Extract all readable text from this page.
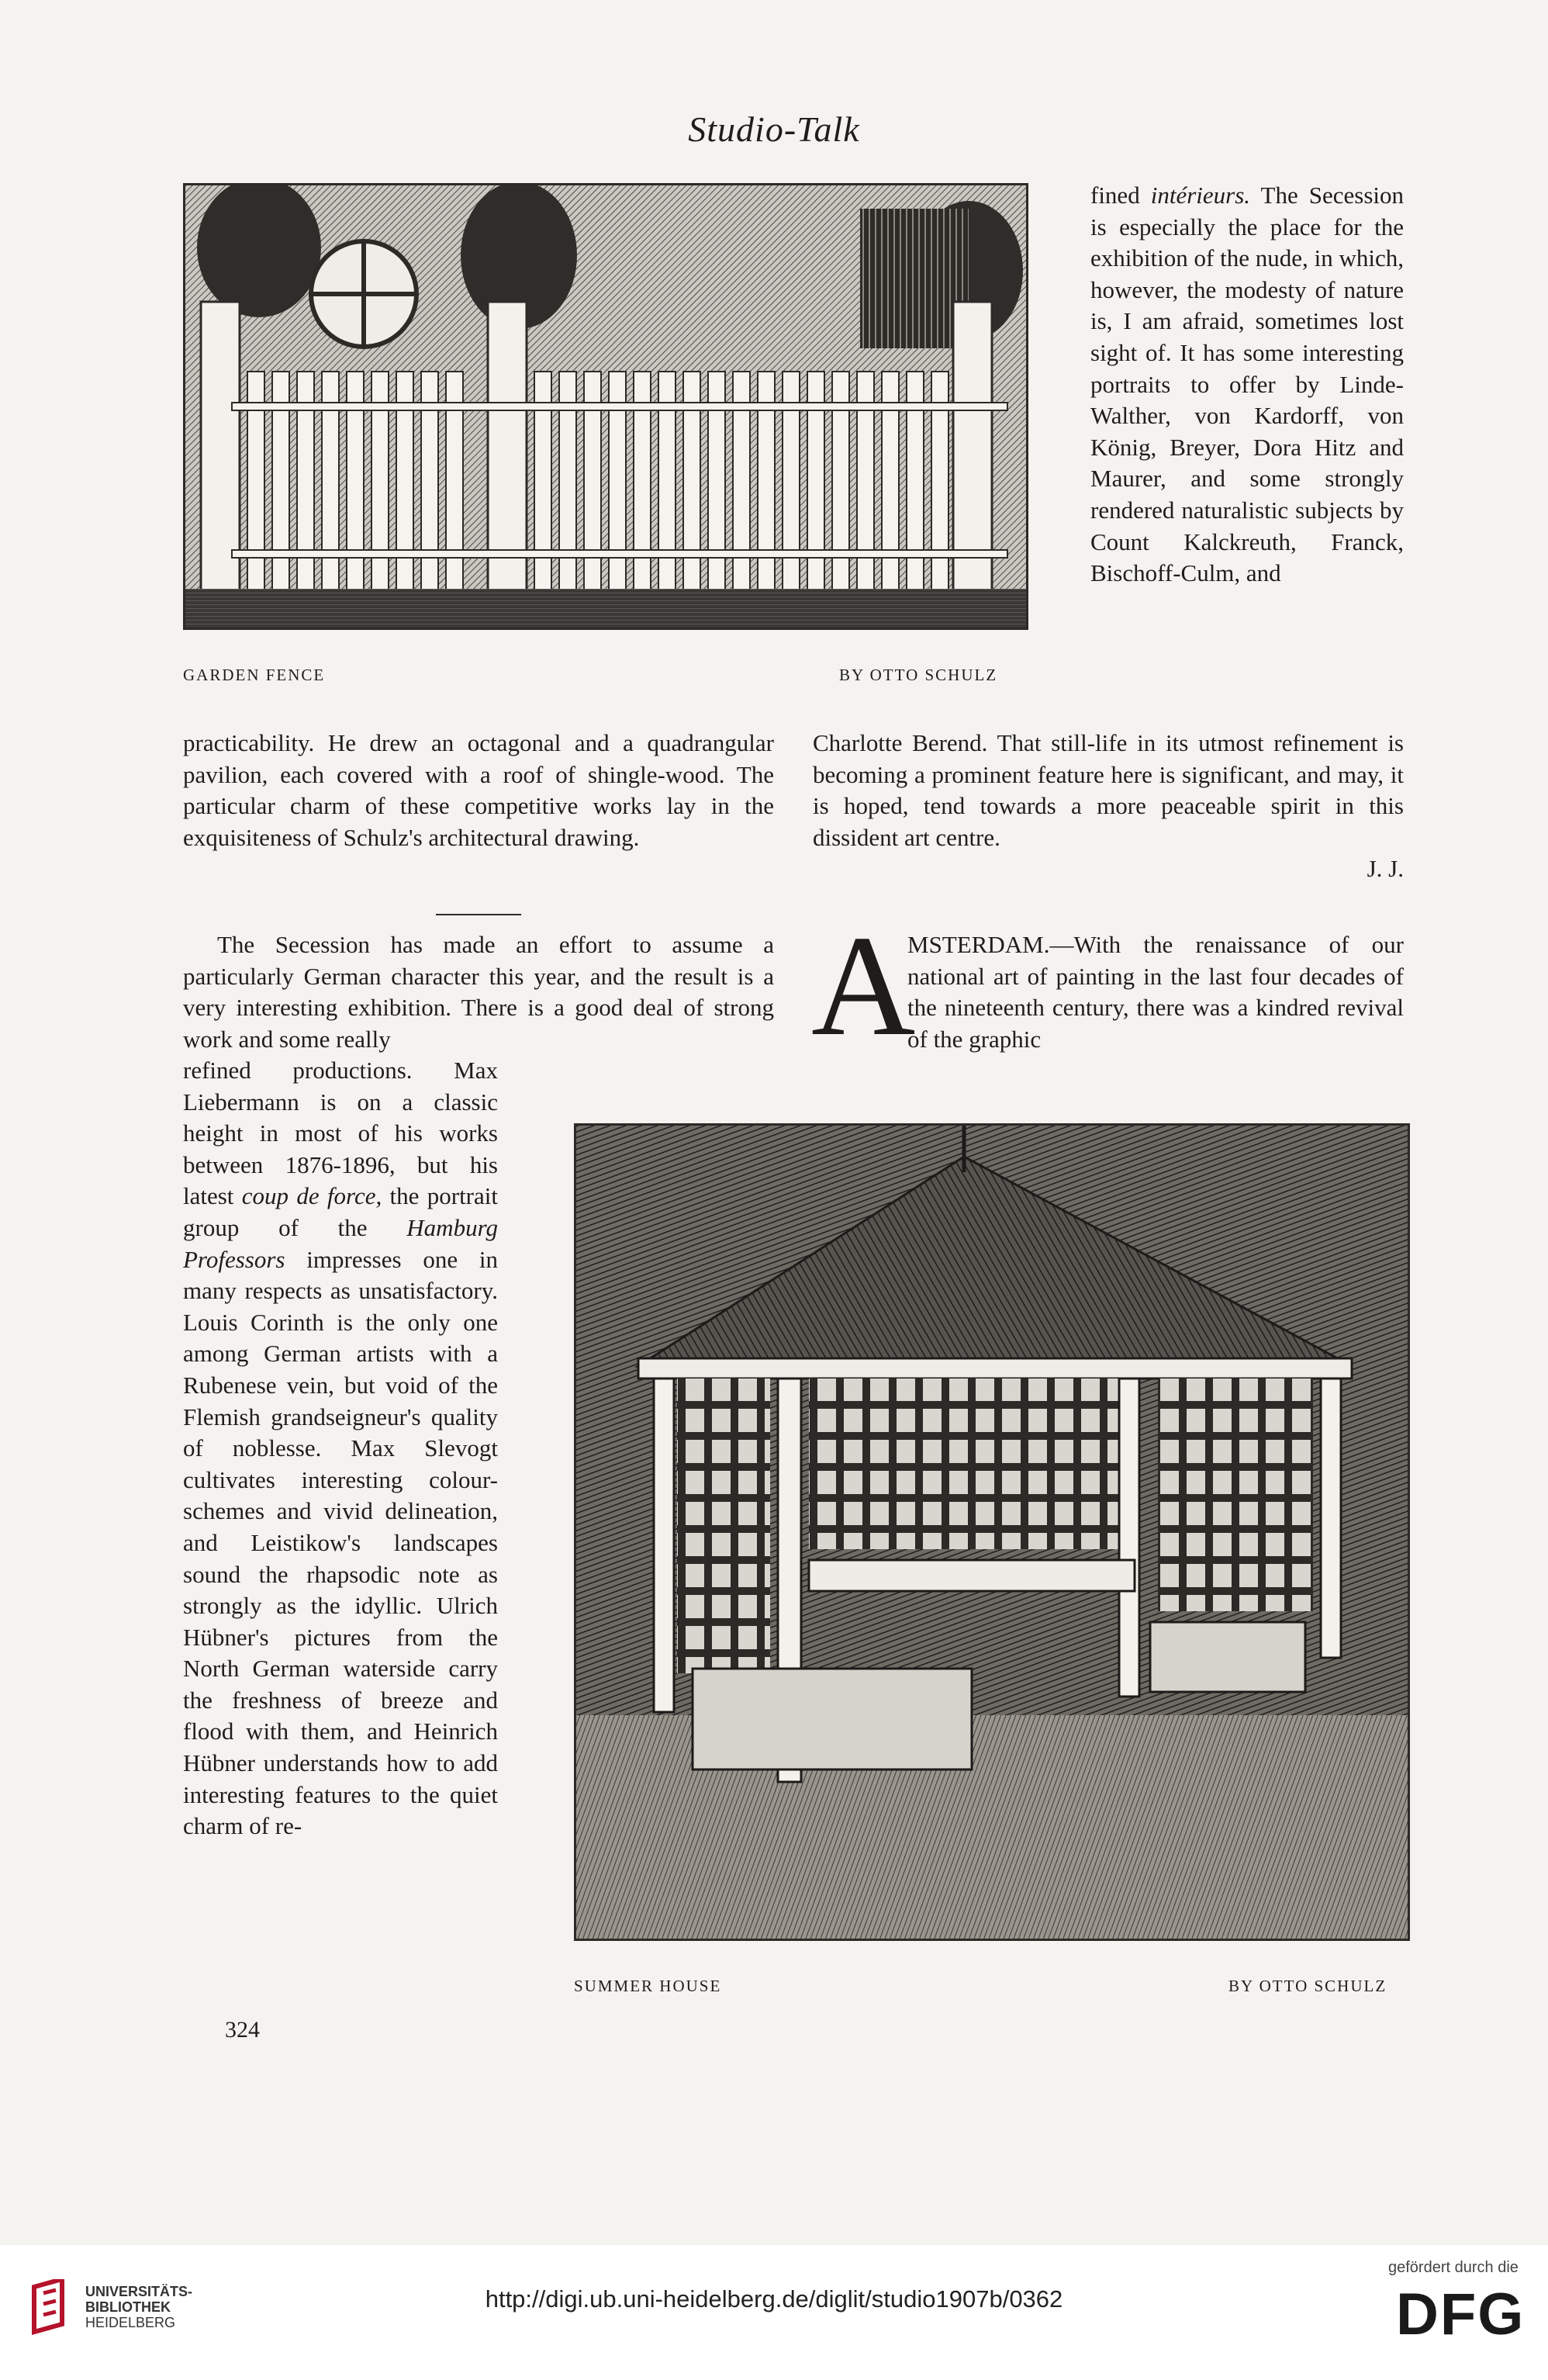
Studio-Talk
GARDEN FENCE	BY OTTO SCHULZ

fined intérieurs. The Secession is especially the place for the exhibition of the nude, in which, however, the modesty of nature is, I am afraid, sometimes lost sight of. It has some interesting portraits to offer by Linde-Walther, von Kardorff, von König, Breyer, Dora Hitz and Maurer, and some strongly rendered naturalistic subjects by Count Kalckreuth, Franck, Bischoff-Culm, and

practicability. He drew an octagonal and a quadrangular pavilion, each covered with a roof of shingle-wood. The particular charm of these competitive works lay in the exquisiteness of Schulz's architectural drawing.

Charlotte Berend. That still-life in its utmost refinement is becoming a prominent feature here is significant, and may, it is hoped, tend towards a more peaceable spirit in this dissident art centre.

J. J.

The Secession has made an effort to assume a particularly German character this year, and the result is a very interesting exhibition. There is a good deal of strong work and some really

refined productions. Max Liebermann is on a classic height in most of his works between 1876-1896, but his latest coup de force, the portrait group of the Hamburg Professors impresses one in many respects as unsatisfactory. Louis Corinth is the only one among German artists with a Rubenese vein, but void of the Flemish grandseigneur's quality of noblesse. Max Slevogt cultivates interesting colour-schemes and vivid delineation, and Leistikow's landscapes sound the rhapsodic note as strongly as the idyllic. Ulrich Hübner's pictures from the North German waterside carry the freshness of breeze and flood with them, and Heinrich Hübner understands how to add interesting features to the quiet charm of re-

A

MSTERDAM.—With the renaissance of our national art of painting in the last four decades of the nineteenth century, there was a kindred revival of the graphic

SUMMER HOUSE	BY OTTO SCHULZ
324
UNIVERSITÄTS-
BIBLIOTHEK
HEIDELBERG
http://digi.ub.uni-heidelberg.de/diglit/studio1907b/0362
gefördert durch die
DFG
